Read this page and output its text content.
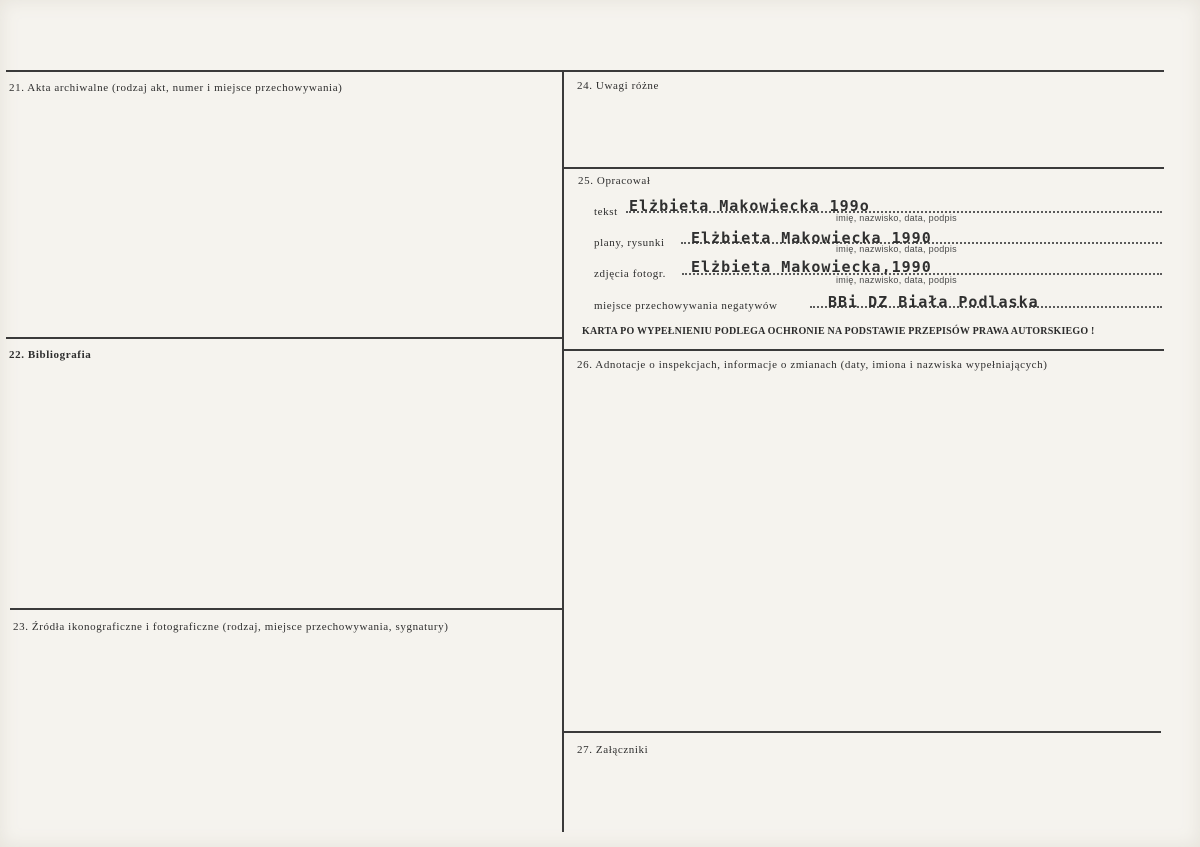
21. Akta archiwalne (rodzaj akt, numer i miejsce przechowywania)
22. Bibliografia
23. Źródła ikonograficzne i fotograficzne (rodzaj, miejsce przechowywania, sygnatury)
24. Uwagi różne
25. Opracował
26. Adnotacje o inspekcjach, informacje o zmianach (daty, imiona i nazwiska wypełniających)
27. Załączniki
tekst Elżbieta Makowiecka 199o
imię, nazwisko, data, podpis
plany, rysunki Elżbieta Makowiecka 1990
imię, nazwisko, data, podpis
zdjęcia fotogr. Elżbieta Makowiecka,1990
imię, nazwisko, data, podpis
miejsce przechowywania negatywów	BBi DZ Biała Podlaska
KARTA PO WYPEŁNIENIU PODLEGA OCHRONIE NA PODSTAWIE PRZEPISÓW PRAWA AUTORSKIEGO !
